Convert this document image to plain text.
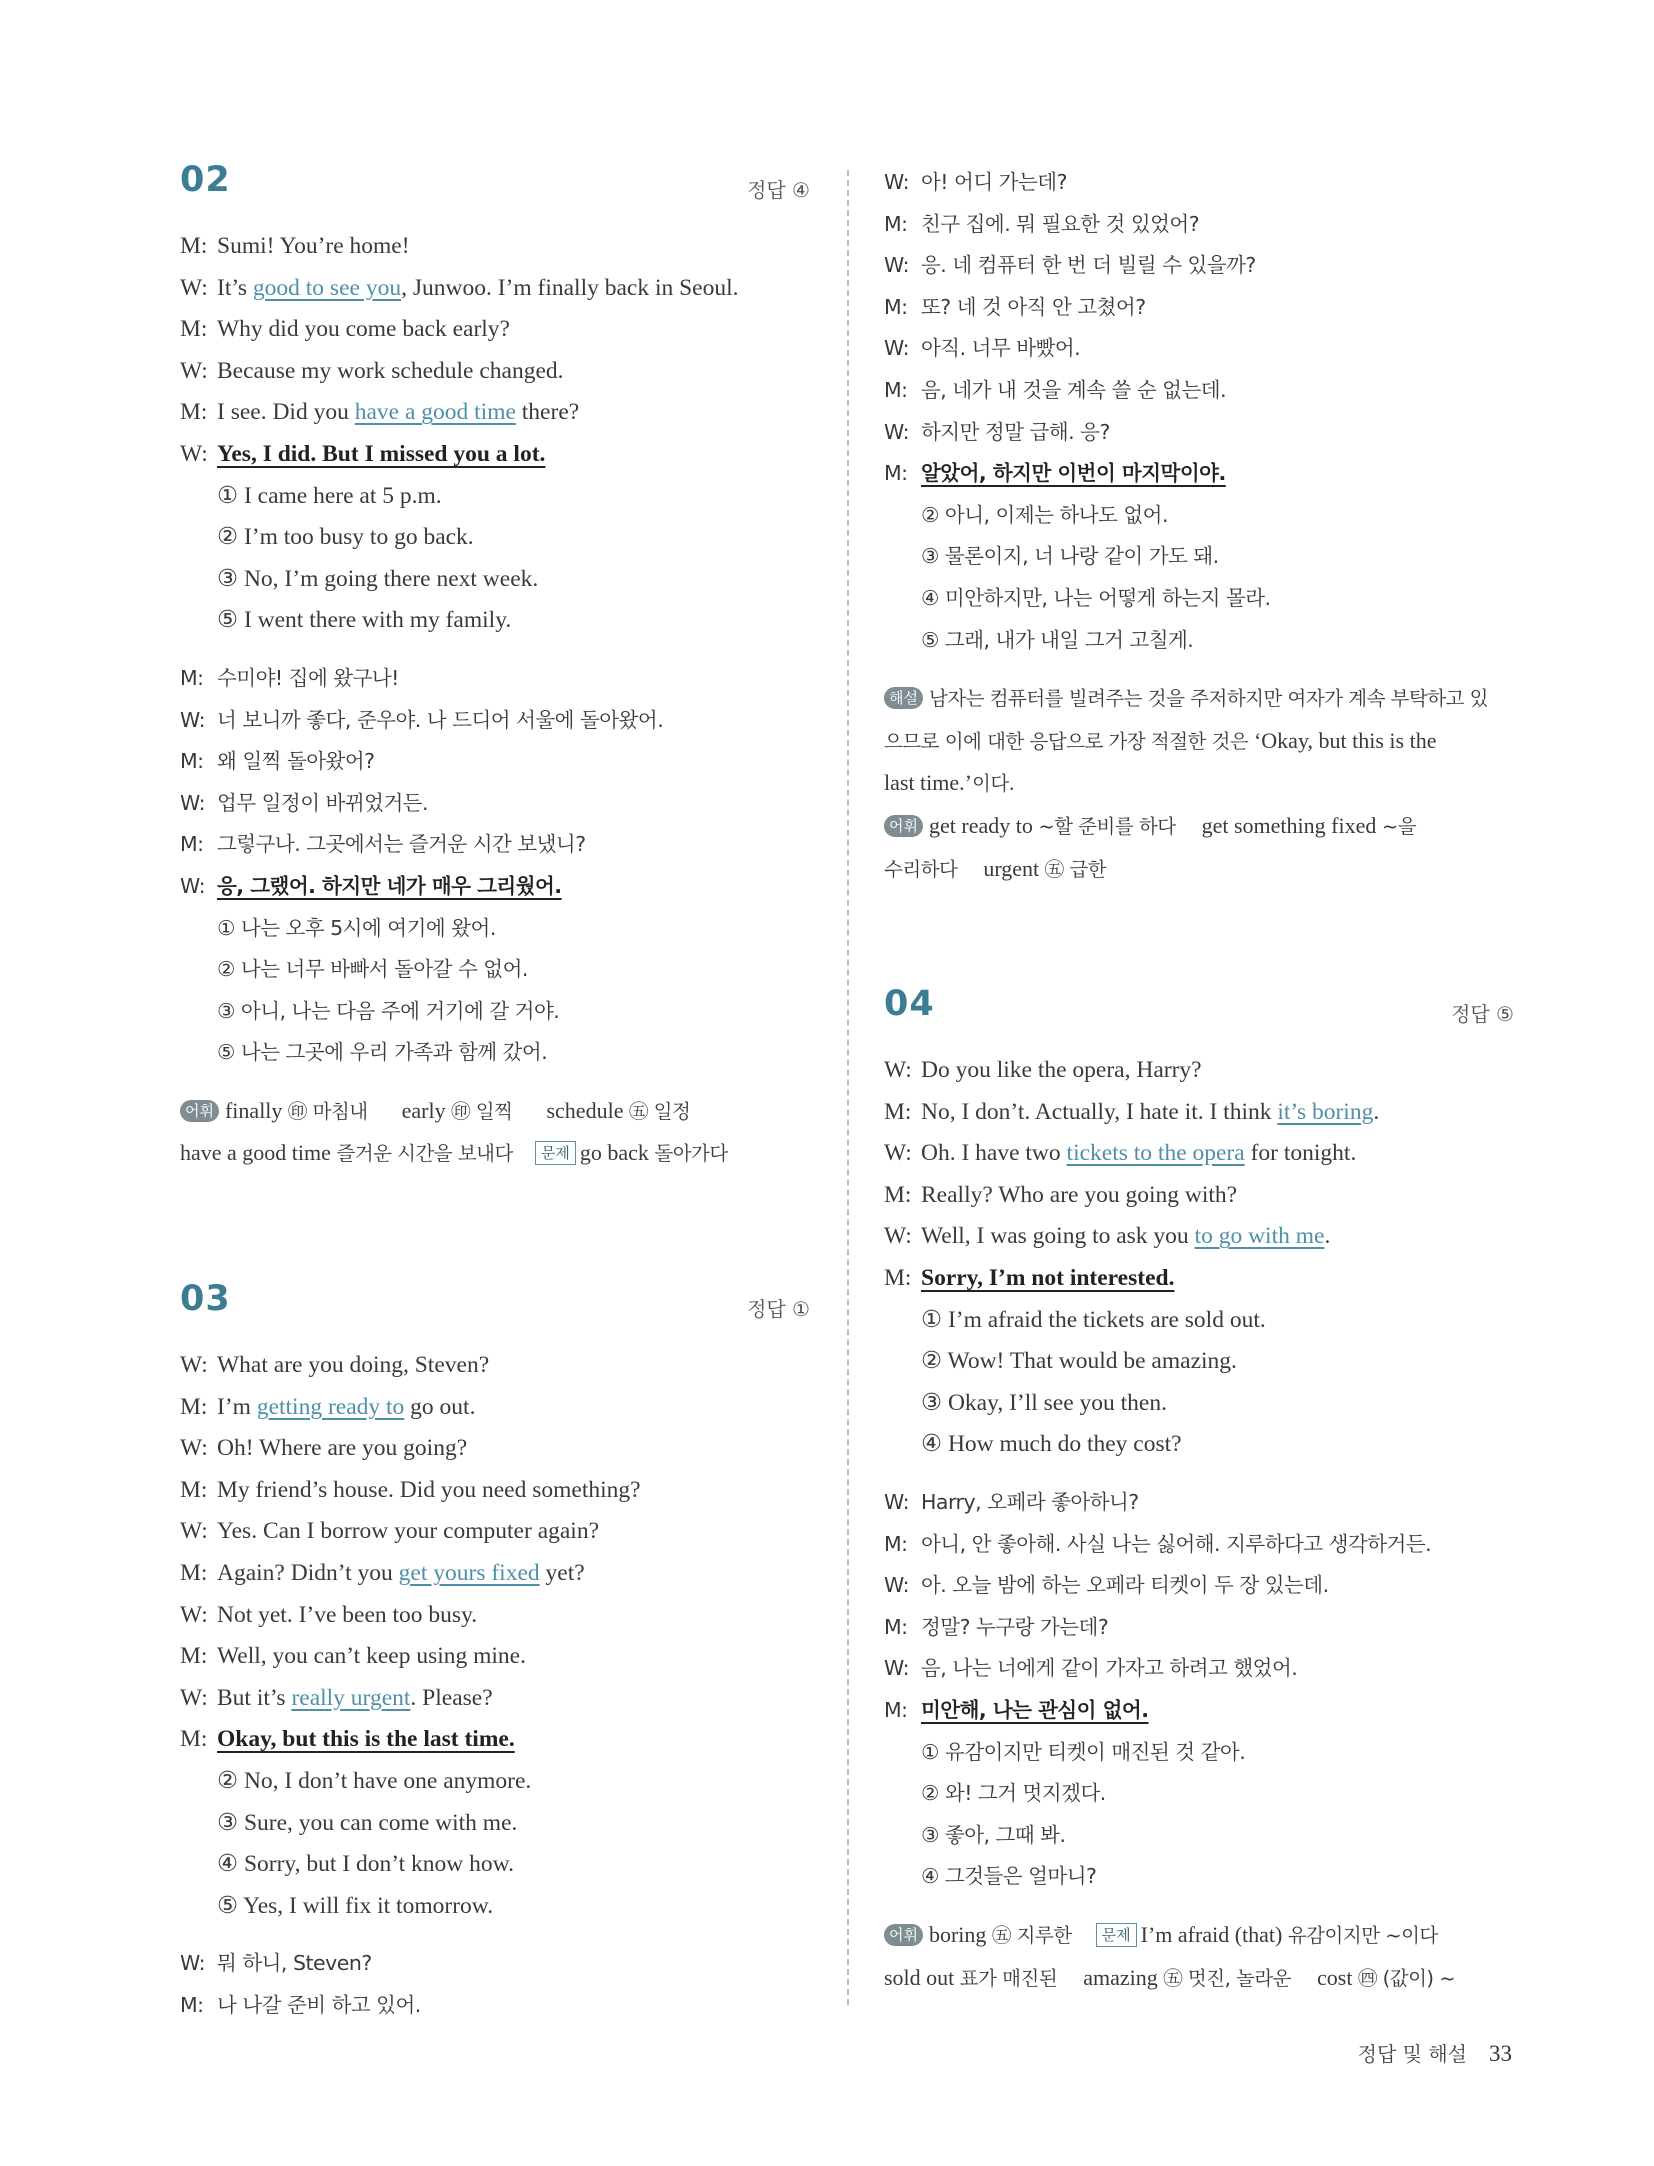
02	정답 ④
M: Sumi! You’re home!
W: It’s good to see you, Junwoo. I’m finally back in Seoul.
M: Why did you come back early?
W: Because my work schedule changed.
M: I see. Did you have a good time there?
W: Yes, I did. But I missed you a lot.
① I came here at 5 p.m.
② I’m too busy to go back.
③ No, I’m going there next week.
⑤ I went there with my family.
M: 수미야! 집에 왔구나!
W: 너 보니까 좋다, 준우야. 나 드디어 서울에 돌아왔어.
M: 왜 일찍 돌아왔어?
W: 업무 일정이 바뀌었거든.
M: 그렇구나. 그곳에서는 즐거운 시간 보냈니?
W: 응, 그랬어. 하지만 네가 매우 그리웠어.
① 나는 오후 5시에 여기에 왔어.
② 나는 너무 바빠서 돌아갈 수 없어.
③ 아니, 나는 다음 주에 거기에 갈 거야.
⑤ 나는 그곳에 우리 가족과 함께 갔어.
어휘 finally ㊞ 마침내 early ㊞ 일찍 schedule ㊄ 일정
have a good time 즐거운 시간을 보내다 문제 go back 돌아가다
03	정답 ①
W: What are you doing, Steven?
M: I’m getting ready to go out.
W: Oh! Where are you going?
M: My friend’s house. Did you need something?
W: Yes. Can I borrow your computer again?
M: Again? Didn’t you get yours fixed yet?
W: Not yet. I’ve been too busy.
M: Well, you can’t keep using mine.
W: But it’s really urgent. Please?
M: Okay, but this is the last time.
② No, I don’t have one anymore.
③ Sure, you can come with me.
④ Sorry, but I don’t know how.
⑤ Yes, I will fix it tomorrow.
W: 뭐 하니, Steven?
M: 나 나갈 준비 하고 있어.
W: 아! 어디 가는데?
M: 친구 집에. 뭐 필요한 것 있었어?
W: 응. 네 컴퓨터 한 번 더 빌릴 수 있을까?
M: 또? 네 것 아직 안 고쳤어?
W: 아직. 너무 바빴어.
M: 음, 네가 내 것을 계속 쓸 순 없는데.
W: 하지만 정말 급해. 응?
M: 알았어, 하지만 이번이 마지막이야.
② 아니, 이제는 하나도 없어.
③ 물론이지, 너 나랑 같이 가도 돼.
④ 미안하지만, 나는 어떻게 하는지 몰라.
⑤ 그래, 내가 내일 그거 고칠게.
해설 남자는 컴퓨터를 빌려주는 것을 주저하지만 여자가 계속 부탁하고 있
으므로 이에 대한 응답으로 가장 적절한 것은 ‘Okay, but this is the
last time.’이다.
어휘 get ready to ~할 준비를 하다 get something fixed ~을
수리하다 urgent ㊄ 급한
04	정답 ⑤
W: Do you like the opera, Harry?
M: No, I don’t. Actually, I hate it. I think it’s boring.
W: Oh. I have two tickets to the opera for tonight.
M: Really? Who are you going with?
W: Well, I was going to ask you to go with me.
M: Sorry, I’m not interested.
① I’m afraid the tickets are sold out.
② Wow! That would be amazing.
③ Okay, I’ll see you then.
④ How much do they cost?
W: Harry, 오페라 좋아하니?
M: 아니, 안 좋아해. 사실 나는 싫어해. 지루하다고 생각하거든.
W: 아. 오늘 밤에 하는 오페라 티켓이 두 장 있는데.
M: 정말? 누구랑 가는데?
W: 음, 나는 너에게 같이 가자고 하려고 했었어.
M: 미안해, 나는 관심이 없어.
① 유감이지만 티켓이 매진된 것 같아.
② 와! 그거 멋지겠다.
③ 좋아, 그때 봐.
④ 그것들은 얼마니?
어휘 boring ㊄ 지루한 문제 I’m afraid (that) 유감이지만 ~이다
sold out 표가 매진된 amazing ㊄ 멋진, 놀라운 cost ㊃ (값이) ~
정답 및 해설 33
